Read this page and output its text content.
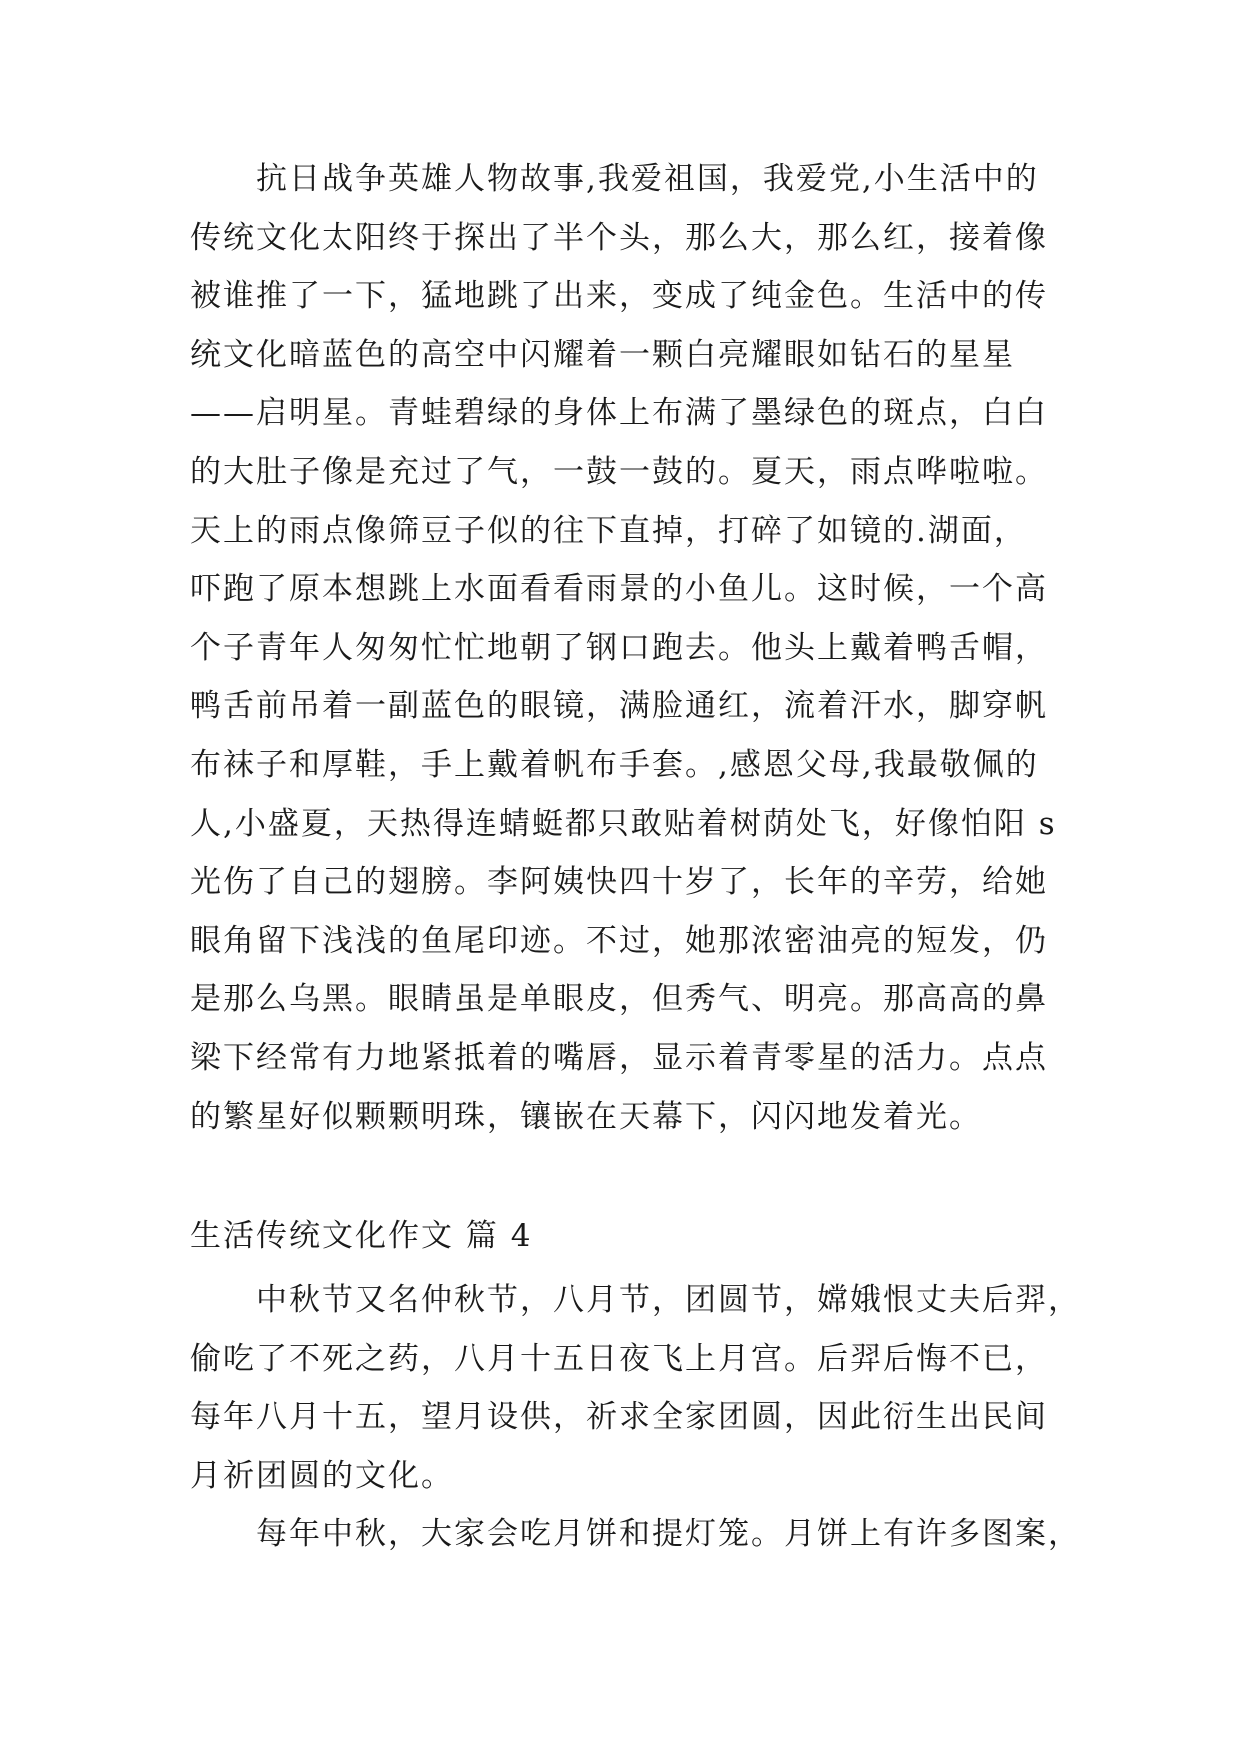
　　抗日战争英雄人物故事,我爱祖国，我爱党,小生活中的
传统文化太阳终于探出了半个头，那么大，那么红，接着像
被谁推了一下，猛地跳了出来，变成了纯金色。生活中的传
统文化暗蓝色的高空中闪耀着一颗白亮耀眼如钻石的星星
——启明星。青蛙碧绿的身体上布满了墨绿色的斑点，白白
的大肚子像是充过了气，一鼓一鼓的。夏天，雨点哗啦啦。
天上的雨点像筛豆子似的往下直掉，打碎了如镜的.湖面，
吓跑了原本想跳上水面看看雨景的小鱼儿。这时候，一个高
个子青年人匆匆忙忙地朝了钢口跑去。他头上戴着鸭舌帽，
鸭舌前吊着一副蓝色的眼镜，满脸通红，流着汗水，脚穿帆
布袜子和厚鞋，手上戴着帆布手套。,感恩父母,我最敬佩的
人,小盛夏，天热得连蜻蜓都只敢贴着树荫处飞，好像怕阳 s
光伤了自己的翅膀。李阿姨快四十岁了，长年的辛劳，给她
眼角留下浅浅的鱼尾印迹。不过，她那浓密油亮的短发，仍
是那么乌黑。眼睛虽是单眼皮，但秀气、明亮。那高高的鼻
梁下经常有力地紧抵着的嘴唇，显示着青零星的活力。点点
的繁星好似颗颗明珠，镶嵌在天幕下，闪闪地发着光。
生活传统文化作文 篇 4
　　中秋节又名仲秋节，八月节，团圆节，嫦娥恨丈夫后羿，
偷吃了不死之药，八月十五日夜飞上月宫。后羿后悔不已，
每年八月十五，望月设供，祈求全家团圆，因此衍生出民间
月祈团圆的文化。
　　每年中秋，大家会吃月饼和提灯笼。月饼上有许多图案，
